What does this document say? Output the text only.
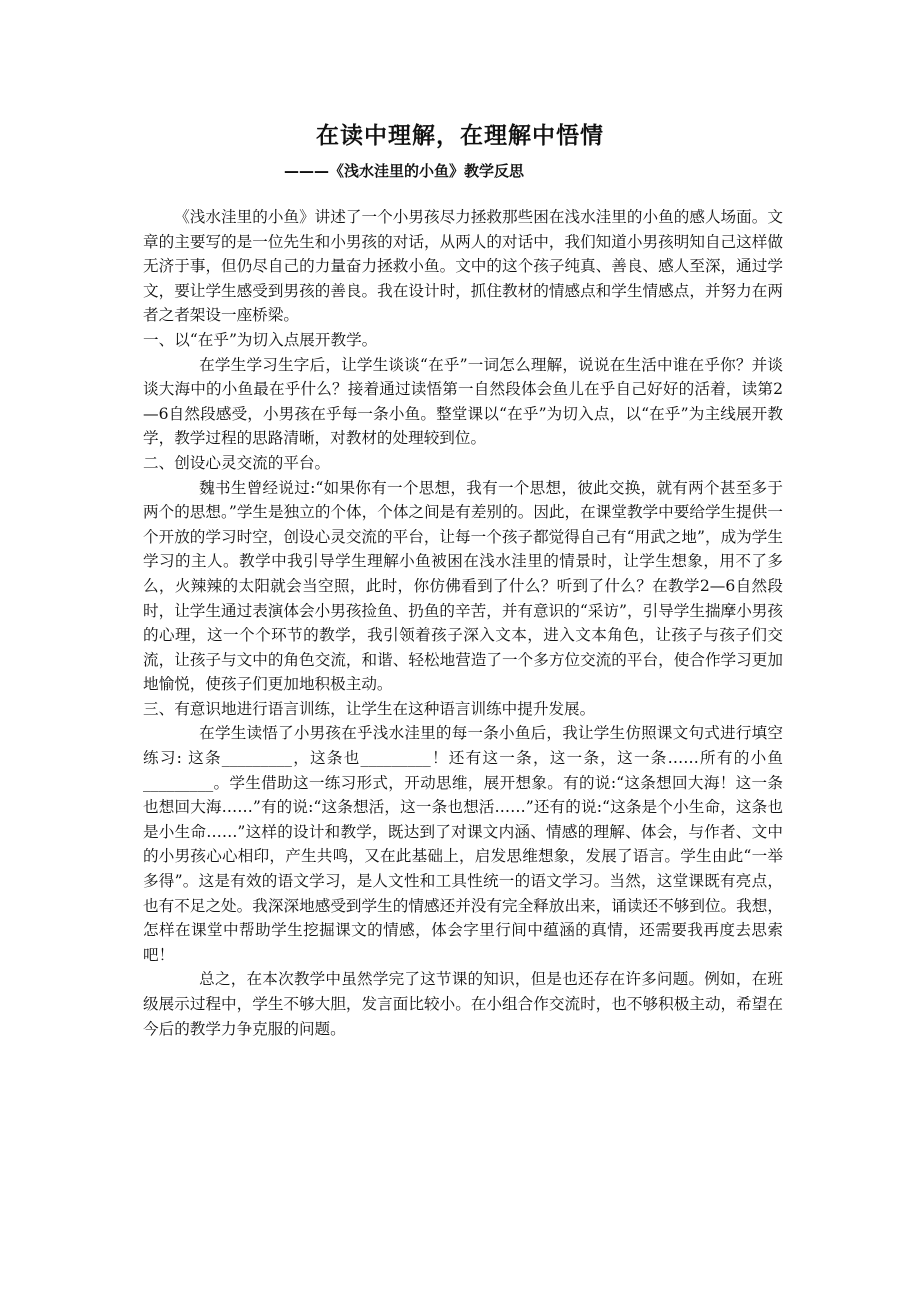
在读中理解，在理解中悟情
———《浅水洼里的小鱼》教学反思

《浅水洼里的小鱼》讲述了一个小男孩尽力拯救那些困在浅水洼里的小鱼的感人场面。文章的主要写的是一位先生和小男孩的对话，从两人的对话中，我们知道小男孩明知自己这样做无济于事，但仍尽自己的力量奋力拯救小鱼。文中的这个孩子纯真、善良、感人至深，通过学文，要让学生感受到男孩的善良。我在设计时，抓住教材的情感点和学生情感点，并努力在两者之者架设一座桥梁。

一、以“在乎”为切入点展开教学。

在学生学习生字后，让学生谈谈“在乎”一词怎么理解，说说在生活中谁在乎你？并谈谈大海中的小鱼最在乎什么？接着通过读悟第一自然段体会鱼儿在乎自己好好的活着，读第2—6自然段感受，小男孩在乎每一条小鱼。整堂课以“在乎”为切入点，以“在乎”为主线展开教学，教学过程的思路清晰，对教材的处理较到位。

二、创设心灵交流的平台。

魏书生曾经说过:“如果你有一个思想，我有一个思想，彼此交换，就有两个甚至多于两个的思想。”学生是独立的个体，个体之间是有差别的。因此，在课堂教学中要给学生提供一个开放的学习时空，创设心灵交流的平台，让每一个孩子都觉得自己有“用武之地”，成为学生学习的主人。教学中我引导学生理解小鱼被困在浅水洼里的情景时，让学生想象，用不了多么，火辣辣的太阳就会当空照，此时，你仿佛看到了什么？听到了什么？在教学2—6自然段时，让学生通过表演体会小男孩捡鱼、扔鱼的辛苦，并有意识的“采访”，引导学生揣摩小男孩的心理，这一个个环节的教学，我引领着孩子深入文本，进入文本角色，让孩子与孩子们交流，让孩子与文中的角色交流，和谐、轻松地营造了一个多方位交流的平台，使合作学习更加地愉悦，使孩子们更加地积极主动。

三、有意识地进行语言训练，让学生在这种语言训练中提升发展。

在学生读悟了小男孩在乎浅水洼里的每一条小鱼后，我让学生仿照课文句式进行填空练习: 这条_________，这条也_________！还有这一条，这一条，这一条……所有的小鱼_________。学生借助这一练习形式，开动思维，展开想象。有的说:“这条想回大海！这一条也想回大海……”有的说:“这条想活，这一条也想活……”还有的说:“这条是个小生命，这条也是小生命……”这样的设计和教学，既达到了对课文内涵、情感的理解、体会，与作者、文中的小男孩心心相印，产生共鸣，又在此基础上，启发思维想象，发展了语言。学生由此“一举多得”。这是有效的语文学习，是人文性和工具性统一的语文学习。当然，这堂课既有亮点，也有不足之处。我深深地感受到学生的情感还并没有完全释放出来，诵读还不够到位。我想，怎样在课堂中帮助学生挖掘课文的情感，体会字里行间中蕴涵的真情，还需要我再度去思索吧！

总之，在本次教学中虽然学完了这节课的知识，但是也还存在许多问题。例如，在班级展示过程中，学生不够大胆，发言面比较小。在小组合作交流时，也不够积极主动，希望在今后的教学力争克服的问题。
